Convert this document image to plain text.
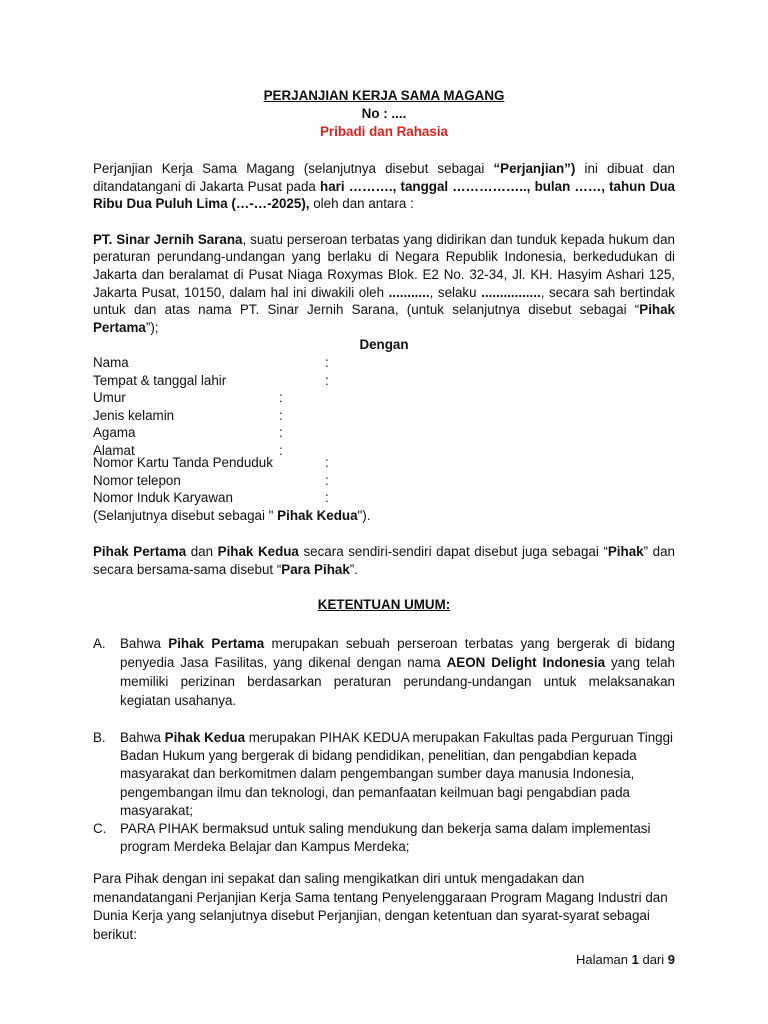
PERJANJIAN KERJA SAMA MAGANG
No : ....
Pribadi dan Rahasia
Perjanjian Kerja Sama Magang (selanjutnya disebut sebagai “Perjanjian”) ini dibuat dan ditandatangani di Jakarta Pusat pada hari ………., tanggal …………….., bulan ……, tahun Dua Ribu Dua Puluh Lima (…-…-2025), oleh dan antara :
PT. Sinar Jernih Sarana, suatu perseroan terbatas yang didirikan dan tunduk kepada hukum dan peraturan perundang-undangan yang berlaku di Negara Republik Indonesia, berkedudukan di Jakarta dan beralamat di Pusat Niaga Roxymas Blok. E2 No. 32-34, Jl. KH. Hasyim Ashari 125, Jakarta Pusat, 10150, dalam hal ini diwakili oleh ..........., selaku ................, secara sah bertindak untuk dan atas nama PT. Sinar Jernih Sarana, (untuk selanjutnya disebut sebagai “Pihak Pertama”);
Dengan
Nama	:
Tempat & tanggal lahir	:
Umur	:
Jenis kelamin	:
Agama	:
Alamat	:
Nomor Kartu Tanda Penduduk	:
Nomor telepon	:
Nomor Induk Karyawan	:
(Selanjutnya disebut sebagai " Pihak Kedua").
Pihak Pertama dan Pihak Kedua secara sendiri-sendiri dapat disebut juga sebagai “Pihak” dan secara bersama-sama disebut “Para Pihak”.
KETENTUAN UMUM:
A. Bahwa Pihak Pertama merupakan sebuah perseroan terbatas yang bergerak di bidang penyedia Jasa Fasilitas, yang dikenal dengan nama AEON Delight Indonesia yang telah memiliki perizinan berdasarkan peraturan perundang-undangan untuk melaksanakan kegiatan usahanya.
B. Bahwa Pihak Kedua merupakan PIHAK KEDUA merupakan Fakultas pada Perguruan Tinggi Badan Hukum yang bergerak di bidang pendidikan, penelitian, dan pengabdian kepada masyarakat dan berkomitmen dalam pengembangan sumber daya manusia Indonesia, pengembangan ilmu dan teknologi, dan pemanfaatan keilmuan bagi pengabdian pada masyarakat;
C. PARA PIHAK bermaksud untuk saling mendukung dan bekerja sama dalam implementasi program Merdeka Belajar dan Kampus Merdeka;
Para Pihak dengan ini sepakat dan saling mengikatkan diri untuk mengadakan dan menandatangani Perjanjian Kerja Sama tentang Penyelenggaraan Program Magang Industri dan Dunia Kerja yang selanjutnya disebut Perjanjian, dengan ketentuan dan syarat-syarat sebagai berikut:
Halaman 1 dari 9
